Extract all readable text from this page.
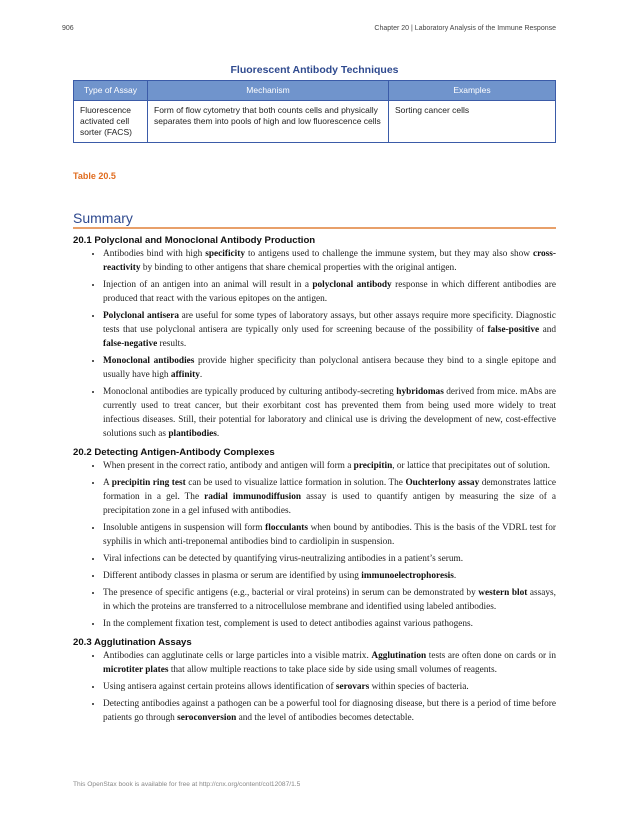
906	Chapter 20 | Laboratory Analysis of the Immune Response
Fluorescent Antibody Techniques
Type of Assay	Mechanism	Examples
Fluorescence activated cell sorter (FACS)	Form of flow cytometry that both counts cells and physically separates them into pools of high and low fluorescence cells	Sorting cancer cells
Table 20.5
Summary
20.1 Polyclonal and Monoclonal Antibody Production
• Antibodies bind with high specificity to antigens used to challenge the immune system, but they may also show cross-reactivity by binding to other antigens that share chemical properties with the original antigen.
• Injection of an antigen into an animal will result in a polyclonal antibody response in which different antibodies are produced that react with the various epitopes on the antigen.
• Polyclonal antisera are useful for some types of laboratory assays, but other assays require more specificity. Diagnostic tests that use polyclonal antisera are typically only used for screening because of the possibility of false-positive and false-negative results.
• Monoclonal antibodies provide higher specificity than polyclonal antisera because they bind to a single epitope and usually have high affinity.
• Monoclonal antibodies are typically produced by culturing antibody-secreting hybridomas derived from mice. mAbs are currently used to treat cancer, but their exorbitant cost has prevented them from being used more widely to treat infectious diseases. Still, their potential for laboratory and clinical use is driving the development of new, cost-effective solutions such as plantibodies.
20.2 Detecting Antigen-Antibody Complexes
• When present in the correct ratio, antibody and antigen will form a precipitin, or lattice that precipitates out of solution.
• A precipitin ring test can be used to visualize lattice formation in solution. The Ouchterlony assay demonstrates lattice formation in a gel. The radial immunodiffusion assay is used to quantify antigen by measuring the size of a precipitation zone in a gel infused with antibodies.
• Insoluble antigens in suspension will form flocculants when bound by antibodies. This is the basis of the VDRL test for syphilis in which anti-treponemal antibodies bind to cardiolipin in suspension.
• Viral infections can be detected by quantifying virus-neutralizing antibodies in a patient’s serum.
• Different antibody classes in plasma or serum are identified by using immunoelectrophoresis.
• The presence of specific antigens (e.g., bacterial or viral proteins) in serum can be demonstrated by western blot assays, in which the proteins are transferred to a nitrocellulose membrane and identified using labeled antibodies.
• In the complement fixation test, complement is used to detect antibodies against various pathogens.
20.3 Agglutination Assays
• Antibodies can agglutinate cells or large particles into a visible matrix. Agglutination tests are often done on cards or in microtiter plates that allow multiple reactions to take place side by side using small volumes of reagents.
• Using antisera against certain proteins allows identification of serovars within species of bacteria.
• Detecting antibodies against a pathogen can be a powerful tool for diagnosing disease, but there is a period of time before patients go through seroconversion and the level of antibodies becomes detectable.
This OpenStax book is available for free at http://cnx.org/content/col12087/1.5
